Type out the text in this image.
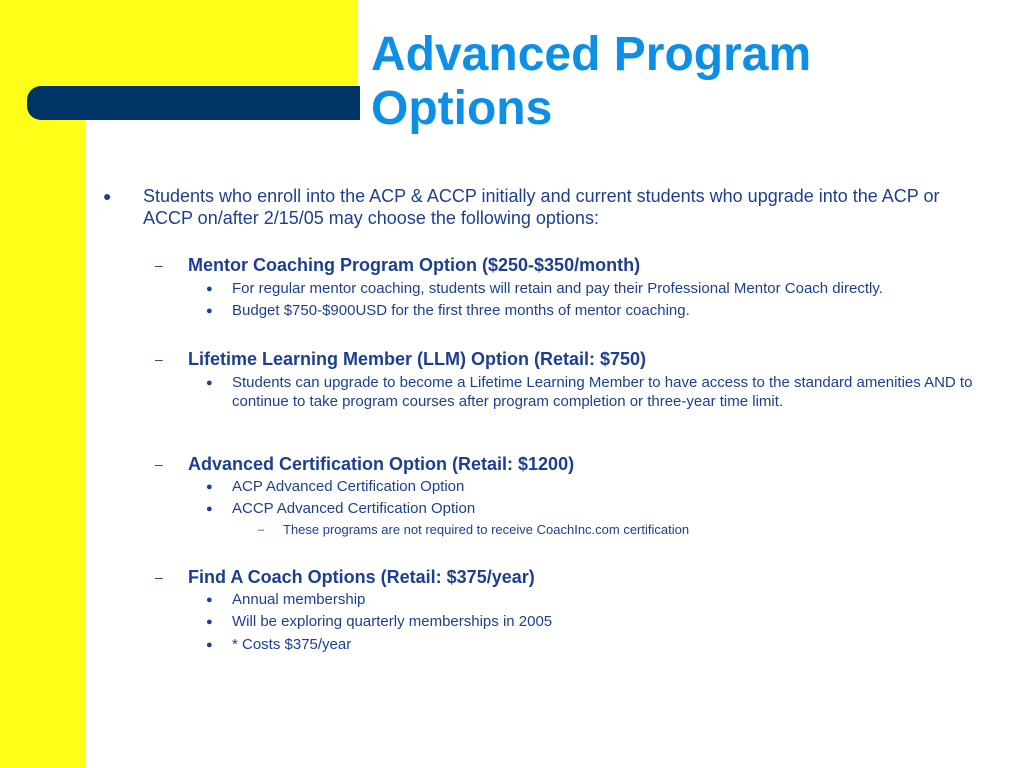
Advanced Program
Options
● Students who enroll into the ACP & ACCP initially and current students who upgrade into the ACP or ACCP on/after 2/15/05 may choose the following options:
– Mentor Coaching Program Option ($250-$350/month)
● For regular mentor coaching, students will retain and pay their Professional Mentor Coach directly.
● Budget $750-$900USD for the first three months of mentor coaching.
– Lifetime Learning Member (LLM) Option (Retail: $750)
● Students can upgrade to become a Lifetime Learning Member to have access to the standard amenities AND to continue to take program courses after program completion or three-year time limit.
– Advanced Certification Option (Retail: $1200)
● ACP Advanced Certification Option
● ACCP Advanced Certification Option
– These programs are not required to receive CoachInc.com certification
– Find A Coach Options (Retail: $375/year)
● Annual membership
● Will be exploring quarterly memberships in 2005
● * Costs $375/year
